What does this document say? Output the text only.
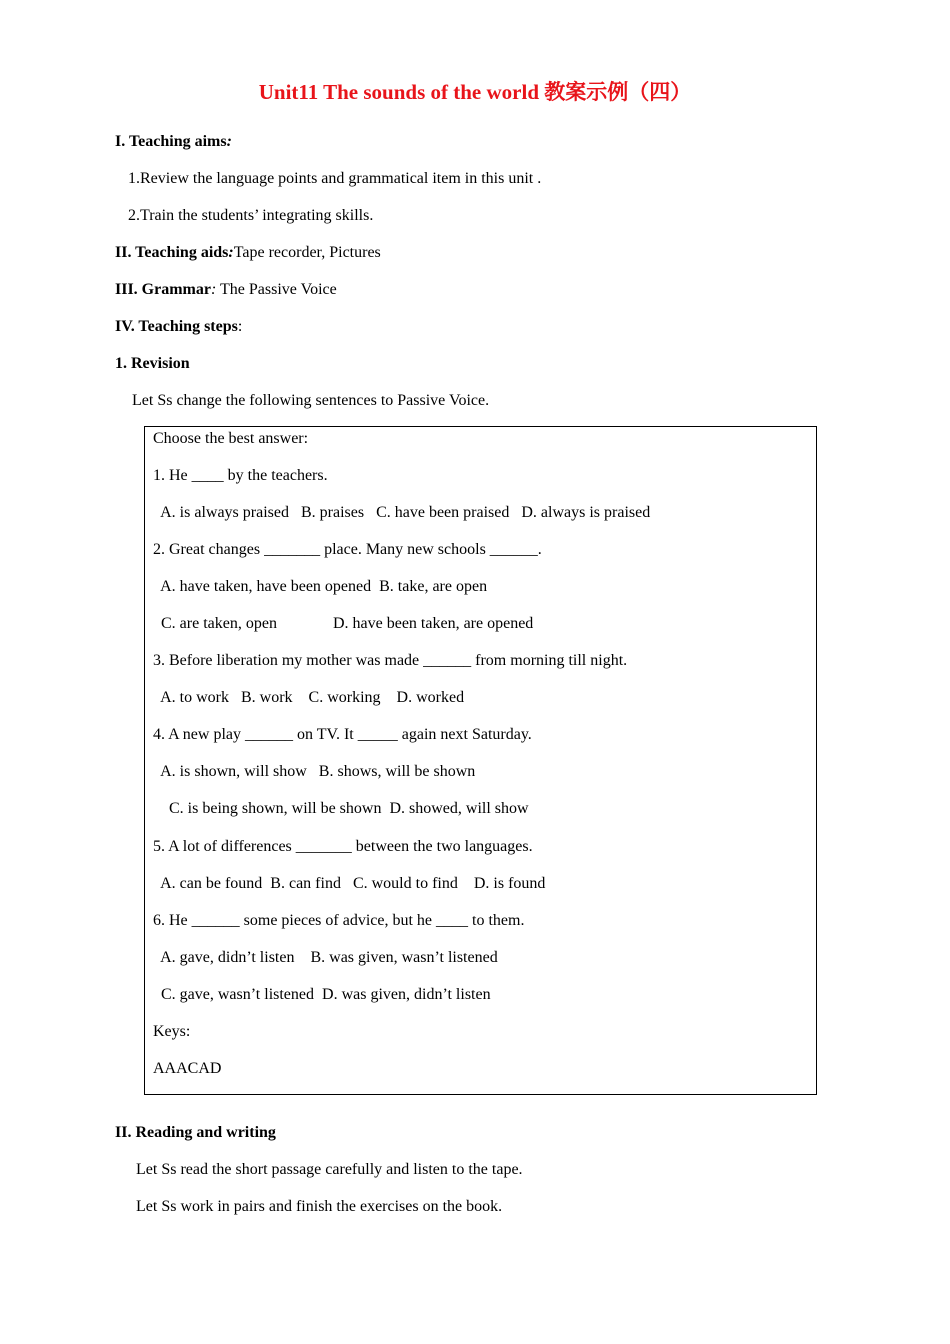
Unit11 The sounds of the world 教案示例（四）
I. Teaching aims:
1.Review the language points and grammatical item in this unit .
2.Train the students’ integrating skills.
II. Teaching aids:Tape recorder, Pictures
III. Grammar: The Passive Voice
IV. Teaching steps:
1. Revision
Let Ss change the following sentences to Passive Voice.
Choose the best answer:
1. He ____ by the teachers.
A. is always praised   B. praises   C. have been praised   D. always is praised
2. Great changes _______ place. Many new schools ______.
A. have taken, have been opened  B. take, are open
C. are taken, open              D. have been taken, are opened
3. Before liberation my mother was made ______ from morning till night.
A. to work   B. work    C. working    D. worked
4. A new play ______ on TV. It _____ again next Saturday.
A. is shown, will show   B. shows, will be shown
C. is being shown, will be shown  D. showed, will show
5. A lot of differences _______ between the two languages.
A. can be found  B. can find   C. would to find    D. is found
6. He ______ some pieces of advice, but he ____ to them.
A. gave, didn’t listen    B. was given, wasn’t listened
C. gave, wasn’t listened  D. was given, didn’t listen
Keys:
AAACAD
II. Reading and writing
Let Ss read the short passage carefully and listen to the tape.
Let Ss work in pairs and finish the exercises on the book.
